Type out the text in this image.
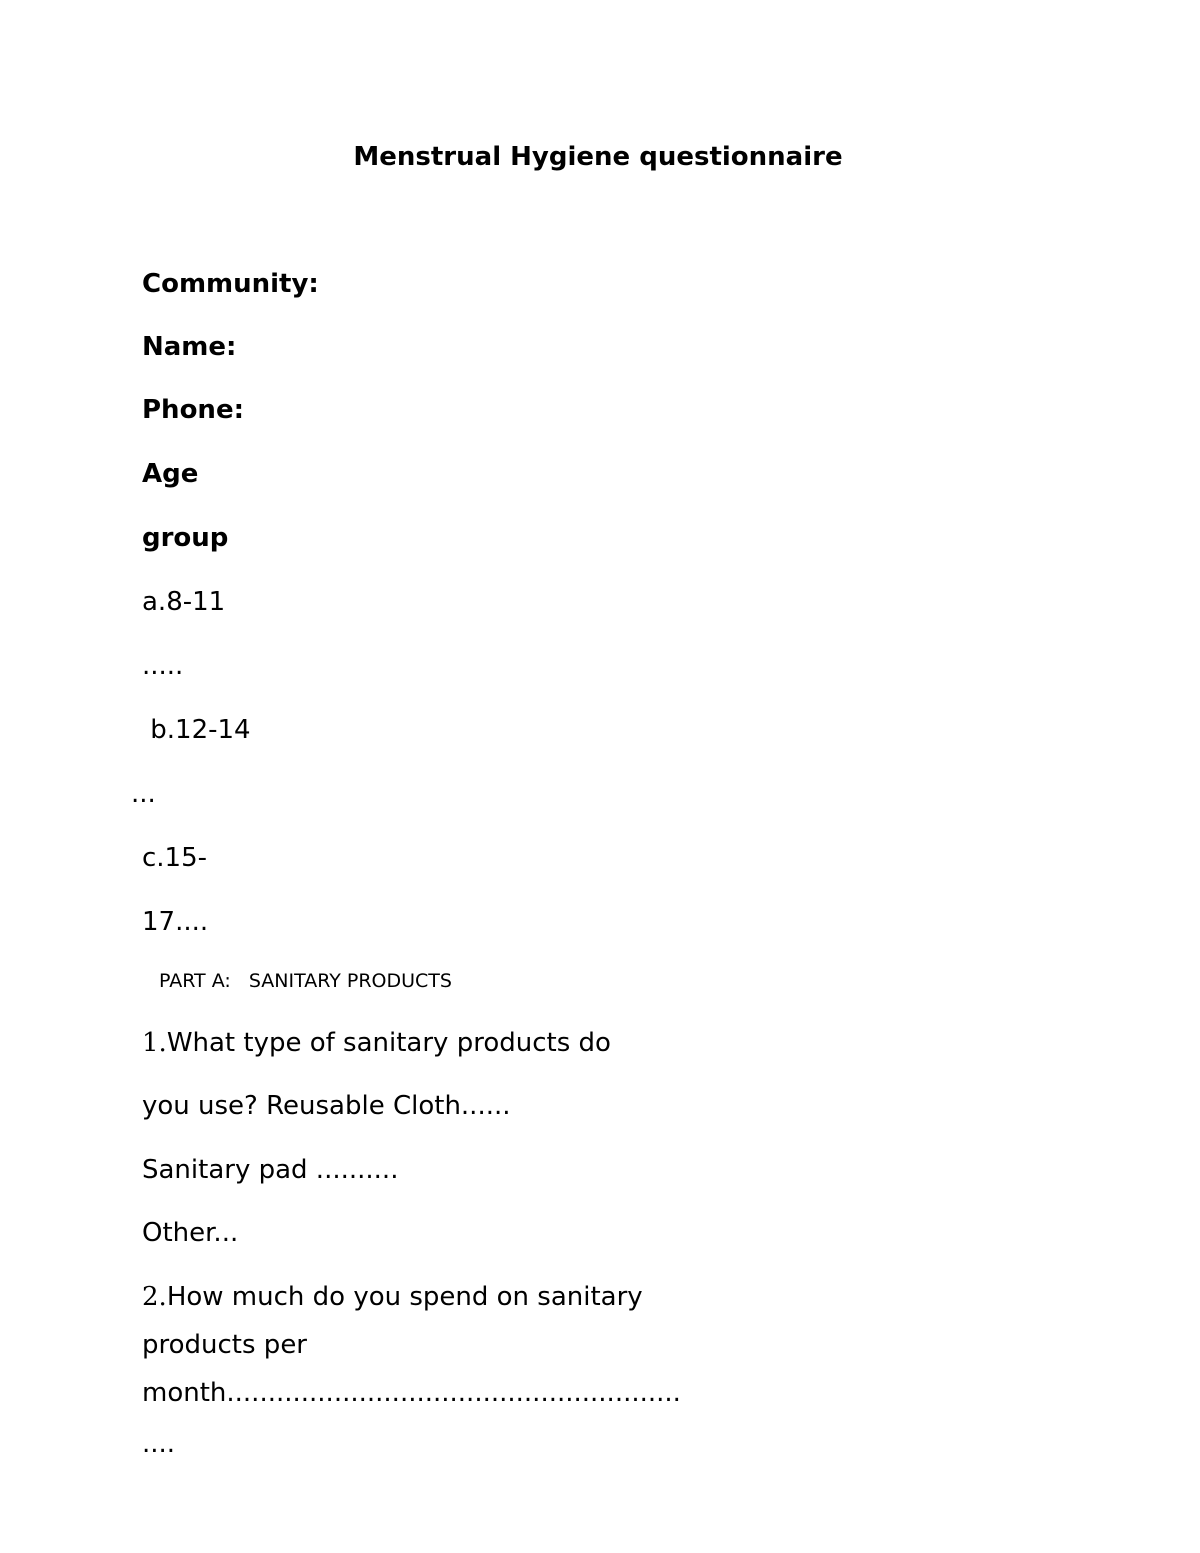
Menstrual Hygiene questionnaire
Community:
Name:
Phone:
Age
group
a.8-11
.....
b.12-14
...
c.15-
17....
PART A:   SANITARY PRODUCTS
1.What type of sanitary products do
you use? Reusable Cloth......
Sanitary pad ..........
Other...
2.How much do you spend on sanitary
products per
month.......................................................
....
